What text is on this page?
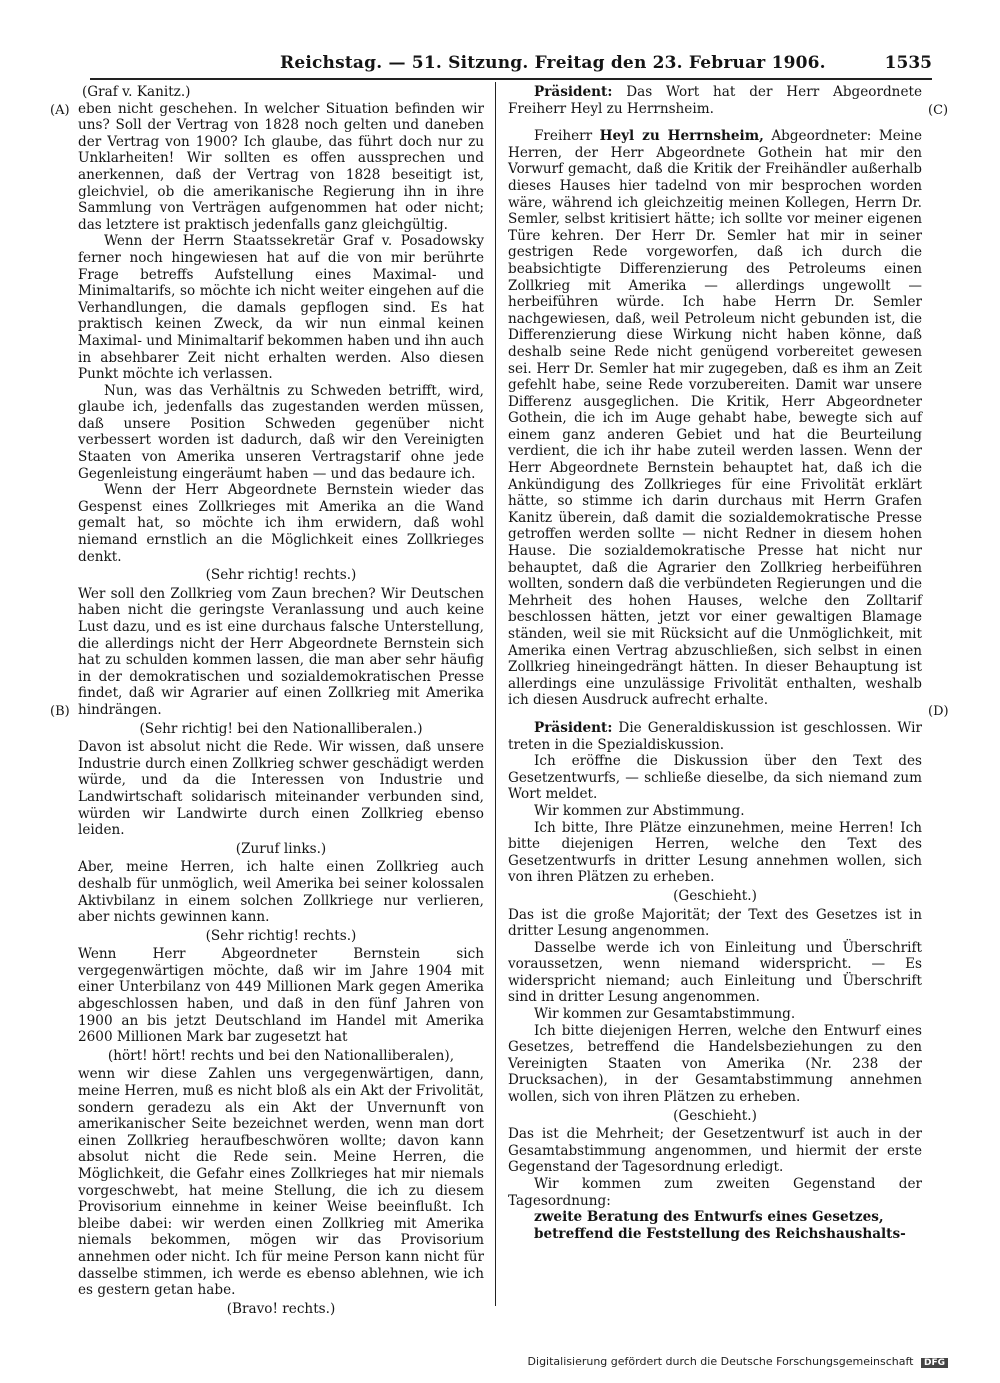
Reichstag. — 51. Sitzung. Freitag den 23. Februar 1906.	1535
(A)
(B)
(C)
(D)

(Graf v. Kanitz.)

eben nicht geschehen. In welcher Situation befinden wir uns? Soll der Vertrag von 1828 noch gelten und daneben der Vertrag von 1900? Ich glaube, das führt doch nur zu Unklarheiten! Wir sollten es offen aussprechen und anerkennen, daß der Vertrag von 1828 beseitigt ist, gleichviel, ob die amerikanische Regierung ihn in ihre Sammlung von Verträgen aufgenommen hat oder nicht; das letztere ist praktisch jedenfalls ganz gleichgültig.

Wenn der Herrn Staatssekretär Graf v. Posadowsky ferner noch hingewiesen hat auf die von mir berührte Frage betreffs Aufstellung eines Maximal- und Minimaltarifs, so möchte ich nicht weiter eingehen auf die Verhandlungen, die damals gepflogen sind. Es hat praktisch keinen Zweck, da wir nun einmal keinen Maximal- und Minimaltarif bekommen haben und ihn auch in absehbarer Zeit nicht erhalten werden. Also diesen Punkt möchte ich verlassen.

Nun, was das Verhältnis zu Schweden betrifft, wird, glaube ich, jedenfalls das zugestanden werden müssen, daß unsere Position Schweden gegenüber nicht verbessert worden ist dadurch, daß wir den Vereinigten Staaten von Amerika unseren Vertragstarif ohne jede Gegenleistung eingeräumt haben — und das bedaure ich.

Wenn der Herr Abgeordnete Bernstein wieder das Gespenst eines Zollkrieges mit Amerika an die Wand gemalt hat, so möchte ich ihm erwidern, daß wohl niemand ernstlich an die Möglichkeit eines Zollkrieges denkt.

(Sehr richtig! rechts.)

Wer soll den Zollkrieg vom Zaun brechen? Wir Deutschen haben nicht die geringste Veranlassung und auch keine Lust dazu, und es ist eine durchaus falsche Unterstellung, die allerdings nicht der Herr Abgeordnete Bernstein sich hat zu schulden kommen lassen, die man aber sehr häufig in der demokratischen und sozialdemokratischen Presse findet, daß wir Agrarier auf einen Zollkrieg mit Amerika hindrängen.

(Sehr richtig! bei den Nationalliberalen.)

Davon ist absolut nicht die Rede. Wir wissen, daß unsere Industrie durch einen Zollkrieg schwer geschädigt werden würde, und da die Interessen von Industrie und Landwirtschaft solidarisch miteinander verbunden sind, würden wir Landwirte durch einen Zollkrieg ebenso leiden.

(Zuruf links.)

Aber, meine Herren, ich halte einen Zollkrieg auch deshalb für unmöglich, weil Amerika bei seiner kolossalen Aktivbilanz in einem solchen Zollkriege nur verlieren, aber nichts gewinnen kann.

(Sehr richtig! rechts.)

Wenn Herr Abgeordneter Bernstein sich vergegenwärtigen möchte, daß wir im Jahre 1904 mit einer Unterbilanz von 449 Millionen Mark gegen Amerika abgeschlossen haben, und daß in den fünf Jahren von 1900 an bis jetzt Deutschland im Handel mit Amerika 2600 Millionen Mark bar zugesetzt hat

(hört! hört! rechts und bei den Nationalliberalen),

wenn wir diese Zahlen uns vergegenwärtigen, dann, meine Herren, muß es nicht bloß als ein Akt der Frivolität, sondern geradezu als ein Akt der Unvernunft von amerikanischer Seite bezeichnet werden, wenn man dort einen Zollkrieg heraufbeschwören wollte; davon kann absolut nicht die Rede sein. Meine Herren, die Möglichkeit, die Gefahr eines Zollkrieges hat mir niemals vorgeschwebt, hat meine Stellung, die ich zu diesem Provisorium einnehme in keiner Weise beeinflußt. Ich bleibe dabei: wir werden einen Zollkrieg mit Amerika niemals bekommen, mögen wir das Provisorium annehmen oder nicht. Ich für meine Person kann nicht für dasselbe stimmen, ich werde es ebenso ablehnen, wie ich es gestern getan habe.

(Bravo! rechts.)

Präsident: Das Wort hat der Herr Abgeordnete Freiherr Heyl zu Herrnsheim.

Freiherr Heyl zu Herrnsheim, Abgeordneter: Meine Herren, der Herr Abgeordnete Gothein hat mir den Vorwurf gemacht, daß die Kritik der Freihändler außerhalb dieses Hauses hier tadelnd von mir besprochen worden wäre, während ich gleichzeitig meinen Kollegen, Herrn Dr. Semler, selbst kritisiert hätte; ich sollte vor meiner eigenen Türe kehren. Der Herr Dr. Semler hat mir in seiner gestrigen Rede vorgeworfen, daß ich durch die beabsichtigte Differenzierung des Petroleums einen Zollkrieg mit Amerika — allerdings ungewollt — herbeiführen würde. Ich habe Herrn Dr. Semler nachgewiesen, daß, weil Petroleum nicht gebunden ist, die Differenzierung diese Wirkung nicht haben könne, daß deshalb seine Rede nicht genügend vorbereitet gewesen sei. Herr Dr. Semler hat mir zugegeben, daß es ihm an Zeit gefehlt habe, seine Rede vorzubereiten. Damit war unsere Differenz ausgeglichen. Die Kritik, Herr Abgeordneter Gothein, die ich im Auge gehabt habe, bewegte sich auf einem ganz anderen Gebiet und hat die Beurteilung verdient, die ich ihr habe zuteil werden lassen. Wenn der Herr Abgeordnete Bernstein behauptet hat, daß ich die Ankündigung des Zollkrieges für eine Frivolität erklärt hätte, so stimme ich darin durchaus mit Herrn Grafen Kanitz überein, daß damit die sozialdemokratische Presse getroffen werden sollte — nicht Redner in diesem hohen Hause. Die sozialdemokratische Presse hat nicht nur behauptet, daß die Agrarier den Zollkrieg herbeiführen wollten, sondern daß die verbündeten Regierungen und die Mehrheit des hohen Hauses, welche den Zolltarif beschlossen hätten, jetzt vor einer gewaltigen Blamage ständen, weil sie mit Rücksicht auf die Unmöglichkeit, mit Amerika einen Vertrag abzuschließen, sich selbst in einen Zollkrieg hineingedrängt hätten. In dieser Behauptung ist allerdings eine unzulässige Frivolität enthalten, weshalb ich diesen Ausdruck aufrecht erhalte.

Präsident: Die Generaldiskussion ist geschlossen. Wir treten in die Spezialdiskussion.

Ich eröffne die Diskussion über den Text des Gesetzentwurfs, — schließe dieselbe, da sich niemand zum Wort meldet.

Wir kommen zur Abstimmung.

Ich bitte, Ihre Plätze einzunehmen, meine Herren! Ich bitte diejenigen Herren, welche den Text des Gesetzentwurfs in dritter Lesung annehmen wollen, sich von ihren Plätzen zu erheben.

(Geschieht.)

Das ist die große Majorität; der Text des Gesetzes ist in dritter Lesung angenommen.

Dasselbe werde ich von Einleitung und Überschrift voraussetzen, wenn niemand widerspricht. — Es widerspricht niemand; auch Einleitung und Überschrift sind in dritter Lesung angenommen.

Wir kommen zur Gesamtabstimmung.

Ich bitte diejenigen Herren, welche den Entwurf eines Gesetzes, betreffend die Handelsbeziehungen zu den Vereinigten Staaten von Amerika (Nr. 238 der Drucksachen), in der Gesamtabstimmung annehmen wollen, sich von ihren Plätzen zu erheben.

(Geschieht.)

Das ist die Mehrheit; der Gesetzentwurf ist auch in der Gesamtabstimmung angenommen, und hiermit der erste Gegenstand der Tagesordnung erledigt.

Wir kommen zum zweiten Gegenstand der Tagesordnung:

zweite Beratung des Entwurfs eines Gesetzes, betreffend die Feststellung des Reichshaushalts-

Digitalisierung gefördert durch die Deutsche Forschungsgemeinschaft DFG
